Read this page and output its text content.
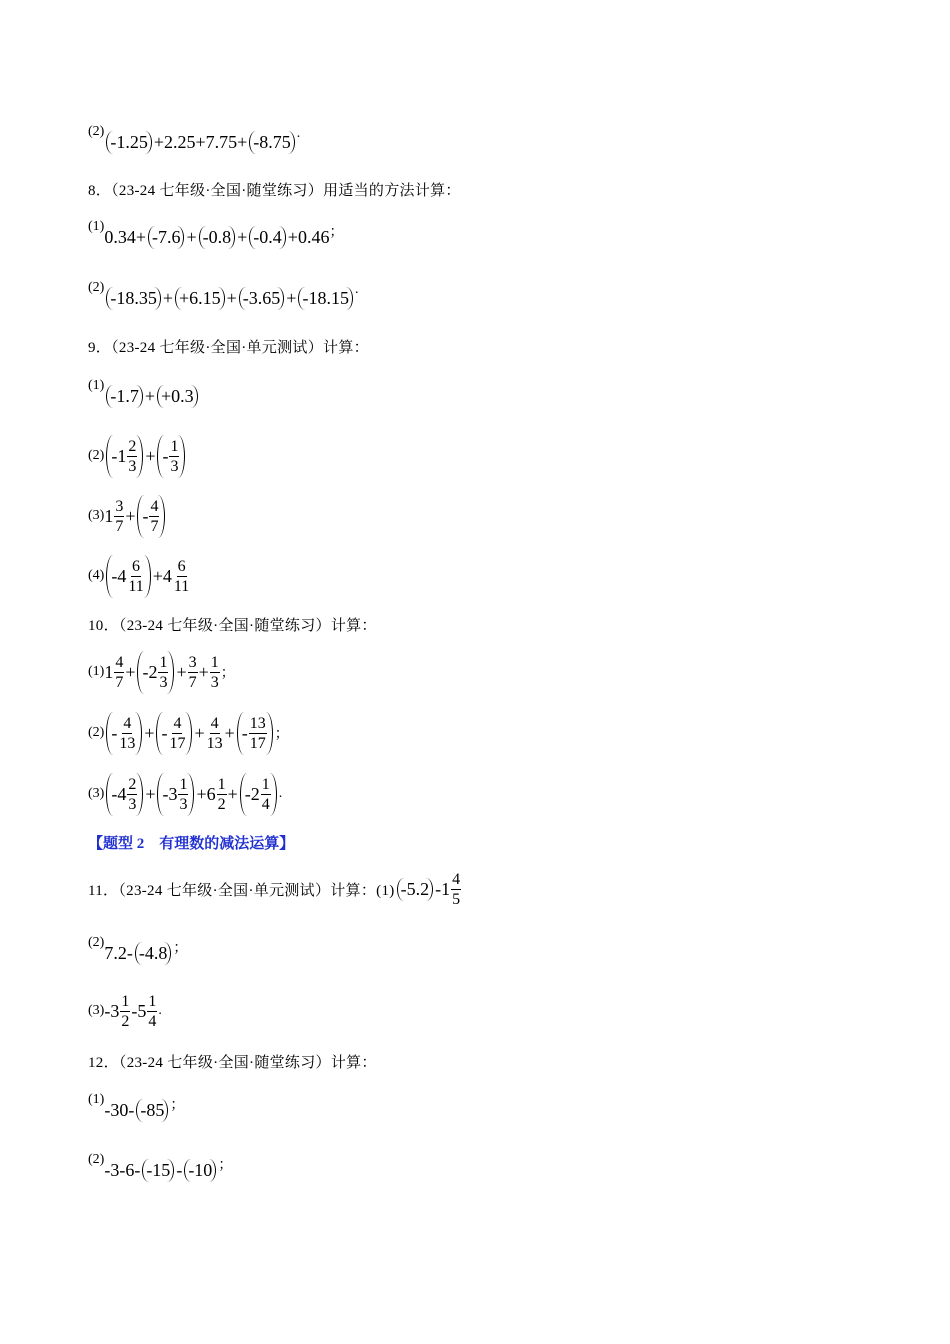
(2) -1.25 +2.25+7.75+ -8.75 .
8．（23-24 七年级·全国·随堂练习）用适当的方法计算：
(1) 0.34+ -7.6 + -0.8 + -0.4 +0.46 ；
(2) -18.35 + +6.15 + -3.65 + -18.15 .
9．（23-24 七年级·全国·单元测试）计算：
(1) -1.7 + +0.3
(2) $-1 \frac{2}{3}$ + - $\frac{1}{3}$
(3) $1 \frac{3}{7}$ + - $\frac{4}{7}$
(4) $-4 \frac{6}{11} +4 \frac{6}{11}$
10．（23-24 七年级·全国·随堂练习）计算：
(1) $1 \frac{4}{7} + -2 \frac{1}{3} + \frac{3}{7} + \frac{1}{3}$ ；
$(2) - \frac{4}{13}$ + - $\frac{4}{17} + \frac{4}{13}$ + - $\frac{13}{17}$ ；
(3) $-4 \frac{2}{3} + -3 \frac{1}{3} +6 \frac{1}{2} + -2 \frac{1}{4}$ .
【题型 2　有理数的减法运算】
11．（23-24 七年级·全国·单元测试）计算：(1) -5.2 $-1 \frac{4}{5}$
(2) 7.2- -4.8 ；
(3) $-3 \frac{1}{2} -5 \frac{1}{4}$ .
12．（23-24 七年级·全国·随堂练习）计算：
(1) -30- -85 ；
(2) -3-6- -15 - -10 ；
